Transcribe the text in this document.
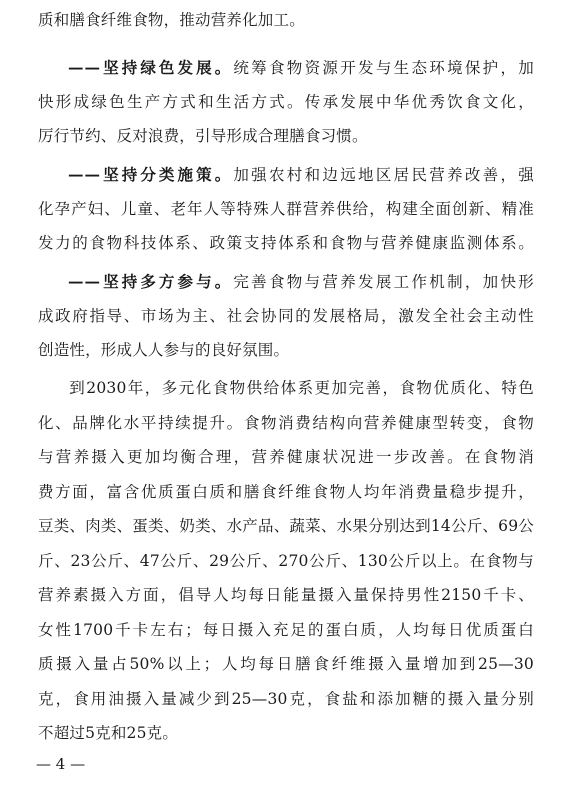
质和膳食纤维食物，推动营养化加工。
——坚持绿色发展。统筹食物资源开发与生态环境保护，加
快形成绿色生产方式和生活方式。传承发展中华优秀饮食文化，
厉行节约、反对浪费，引导形成合理膳食习惯。
——坚持分类施策。加强农村和边远地区居民营养改善，强
化孕产妇、儿童、老年人等特殊人群营养供给，构建全面创新、精准
发力的食物科技体系、政策支持体系和食物与营养健康监测体系。
——坚持多方参与。完善食物与营养发展工作机制，加快形
成政府指导、市场为主、社会协同的发展格局，激发全社会主动性
创造性，形成人人参与的良好氛围。
到2030年，多元化食物供给体系更加完善，食物优质化、特色
化、品牌化水平持续提升。食物消费结构向营养健康型转变，食物
与营养摄入更加均衡合理，营养健康状况进一步改善。在食物消
费方面，富含优质蛋白质和膳食纤维食物人均年消费量稳步提升，
豆类、肉类、蛋类、奶类、水产品、蔬菜、水果分别达到14公斤、69公
斤、23公斤、47公斤、29公斤、270公斤、130公斤以上。在食物与
营养素摄入方面，倡导人均每日能量摄入量保持男性2150千卡、
女性1700千卡左右；每日摄入充足的蛋白质，人均每日优质蛋白
质摄入量占50%以上；人均每日膳食纤维摄入量增加到25—30
克，食用油摄入量减少到25—30克，食盐和添加糖的摄入量分别
不超过5克和25克。
— 4 —
